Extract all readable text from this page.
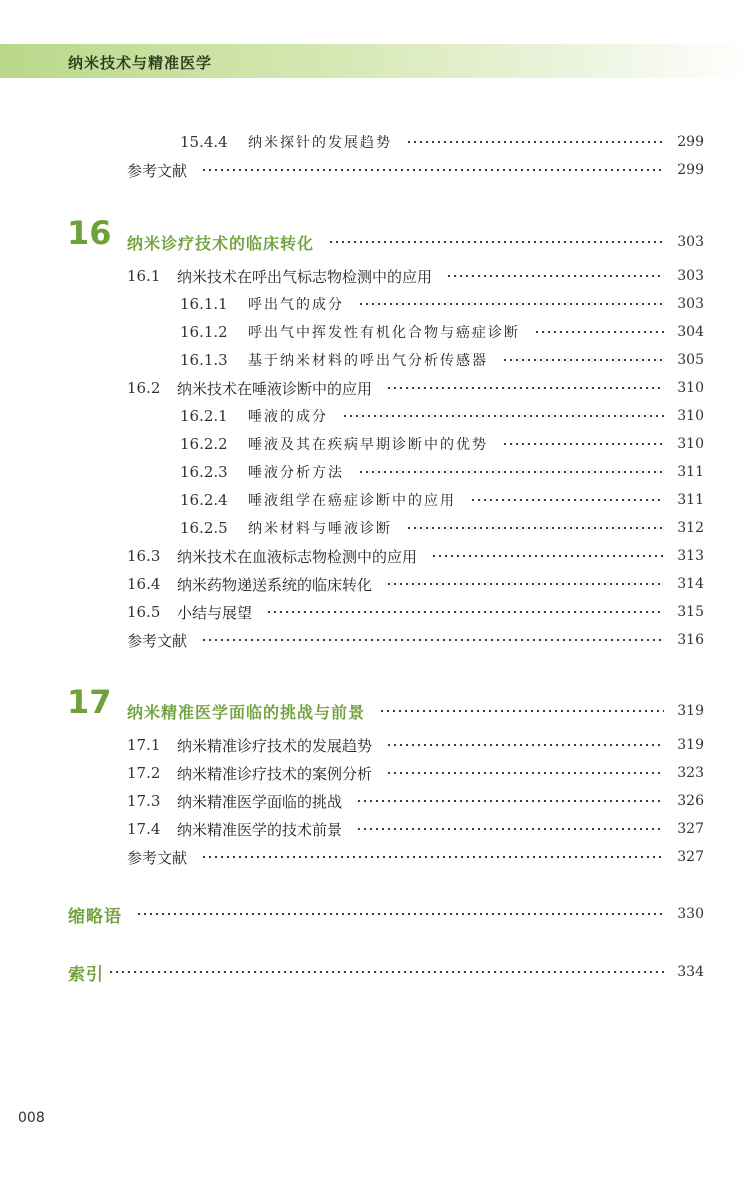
纳米技术与精准医学
15.4.4	纳米探针的发展趋势	299
参考文献	299
16 纳米诊疗技术的临床转化	303
16.1	纳米技术在呼出气标志物检测中的应用	303
16.1.1	呼出气的成分	303
16.1.2	呼出气中挥发性有机化合物与癌症诊断	304
16.1.3	基于纳米材料的呼出气分析传感器	305
16.2	纳米技术在唾液诊断中的应用	310
16.2.1	唾液的成分	310
16.2.2	唾液及其在疾病早期诊断中的优势	310
16.2.3	唾液分析方法	311
16.2.4	唾液组学在癌症诊断中的应用	311
16.2.5	纳米材料与唾液诊断	312
16.3	纳米技术在血液标志物检测中的应用	313
16.4	纳米药物递送系统的临床转化	314
16.5	小结与展望	315
参考文献	316
17 纳米精准医学面临的挑战与前景	319
17.1	纳米精准诊疗技术的发展趋势	319
17.2	纳米精准诊疗技术的案例分析	323
17.3	纳米精准医学面临的挑战	326
17.4	纳米精准医学的技术前景	327
参考文献	327
缩略语	330
索引	334
008
